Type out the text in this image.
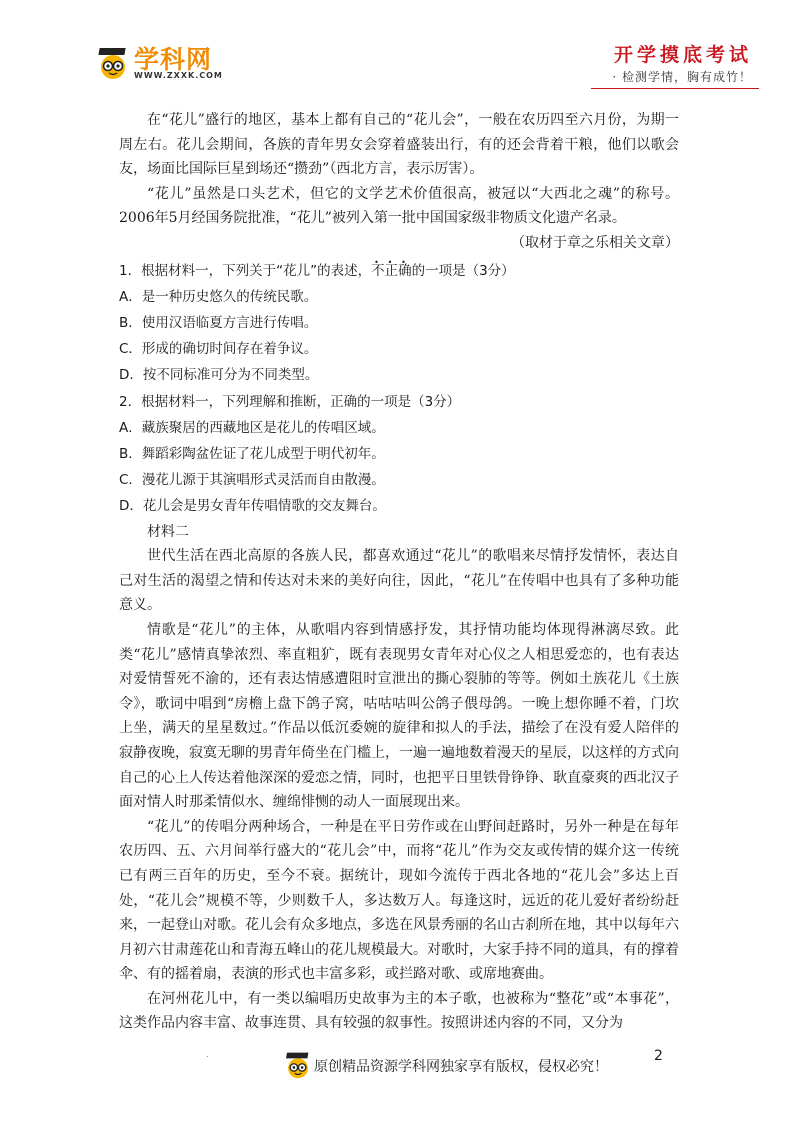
学科网
WWW.ZXXK.COM
开学摸底考试
· 检测学情，胸有成竹！

在“花儿”盛行的地区，基本上都有自己的“花儿会”，一般在农历四至六月份，为期一周左右。花儿会期间，各族的青年男女会穿着盛装出行，有的还会背着干粮，他们以歌会友，场面比国际巨星到场还“攒劲”（西北方言，表示厉害）。

“花儿”虽然是口头艺术，但它的文学艺术价值很高，被冠以“大西北之魂”的称号。2006年5月经国务院批准，“花儿”被列入第一批中国国家级非物质文化遗产名录。

（取材于章之乐相关文章）

1．根据材料一，下列关于“花儿”的表述，不正确的一项是（3分）

A．是一种历史悠久的传统民歌。

B．使用汉语临夏方言进行传唱。

C．形成的确切时间存在着争议。

D．按不同标准可分为不同类型。

2．根据材料一，下列理解和推断，正确的一项是（3分）

A．藏族聚居的西藏地区是花儿的传唱区域。

B．舞蹈彩陶盆佐证了花儿成型于明代初年。

C．漫花儿源于其演唱形式灵活而自由散漫。

D．花儿会是男女青年传唱情歌的交友舞台。

材料二

世代生活在西北高原的各族人民，都喜欢通过“花儿”的歌唱来尽情抒发情怀，表达自己对生活的渴望之情和传达对未来的美好向往，因此，“花儿”在传唱中也具有了多种功能意义。

情歌是“花儿”的主体，从歌唱内容到情感抒发，其抒情功能均体现得淋漓尽致。此类“花儿”感情真挚浓烈、率直粗犷，既有表现男女青年对心仪之人相思爱恋的，也有表达对爱情誓死不渝的，还有表达情感遭阻时宣泄出的撕心裂肺的等等。例如土族花儿《土族令》，歌词中唱到“房檐上盘下鸽子窝，咕咕咕叫公鸽子偎母鸽。一晚上想你睡不着，门坎上坐，满天的星星数过。”作品以低沉委婉的旋律和拟人的手法，描绘了在没有爱人陪伴的寂静夜晚，寂寞无聊的男青年倚坐在门槛上，一遍一遍地数着漫天的星辰，以这样的方式向自己的心上人传达着他深深的爱恋之情，同时，也把平日里铁骨铮铮、耿直豪爽的西北汉子面对情人时那柔情似水、缠绵悱恻的动人一面展现出来。

“花儿”的传唱分两种场合，一种是在平日劳作或在山野间赶路时，另外一种是在每年农历四、五、六月间举行盛大的“花儿会”中，而将“花儿”作为交友或传情的媒介这一传统已有两三百年的历史，至今不衰。据统计，现如今流传于西北各地的“花儿会”多达上百处，“花儿会”规模不等，少则数千人，多达数万人。每逢这时，远近的花儿爱好者纷纷赶来，一起登山对歌。花儿会有众多地点，多选在风景秀丽的名山古刹所在地，其中以每年六月初六甘肃莲花山和青海五峰山的花儿规模最大。对歌时，大家手持不同的道具，有的撑着伞、有的摇着扇，表演的形式也丰富多彩，或拦路对歌、或席地赛曲。

在河州花儿中，有一类以编唱历史故事为主的本子歌，也被称为“整花”或“本事花”，这类作品内容丰富、故事连贯、具有较强的叙事性。按照讲述内容的不同，又分为

.
原创精品资源学科网独家享有版权，侵权必究！
2
